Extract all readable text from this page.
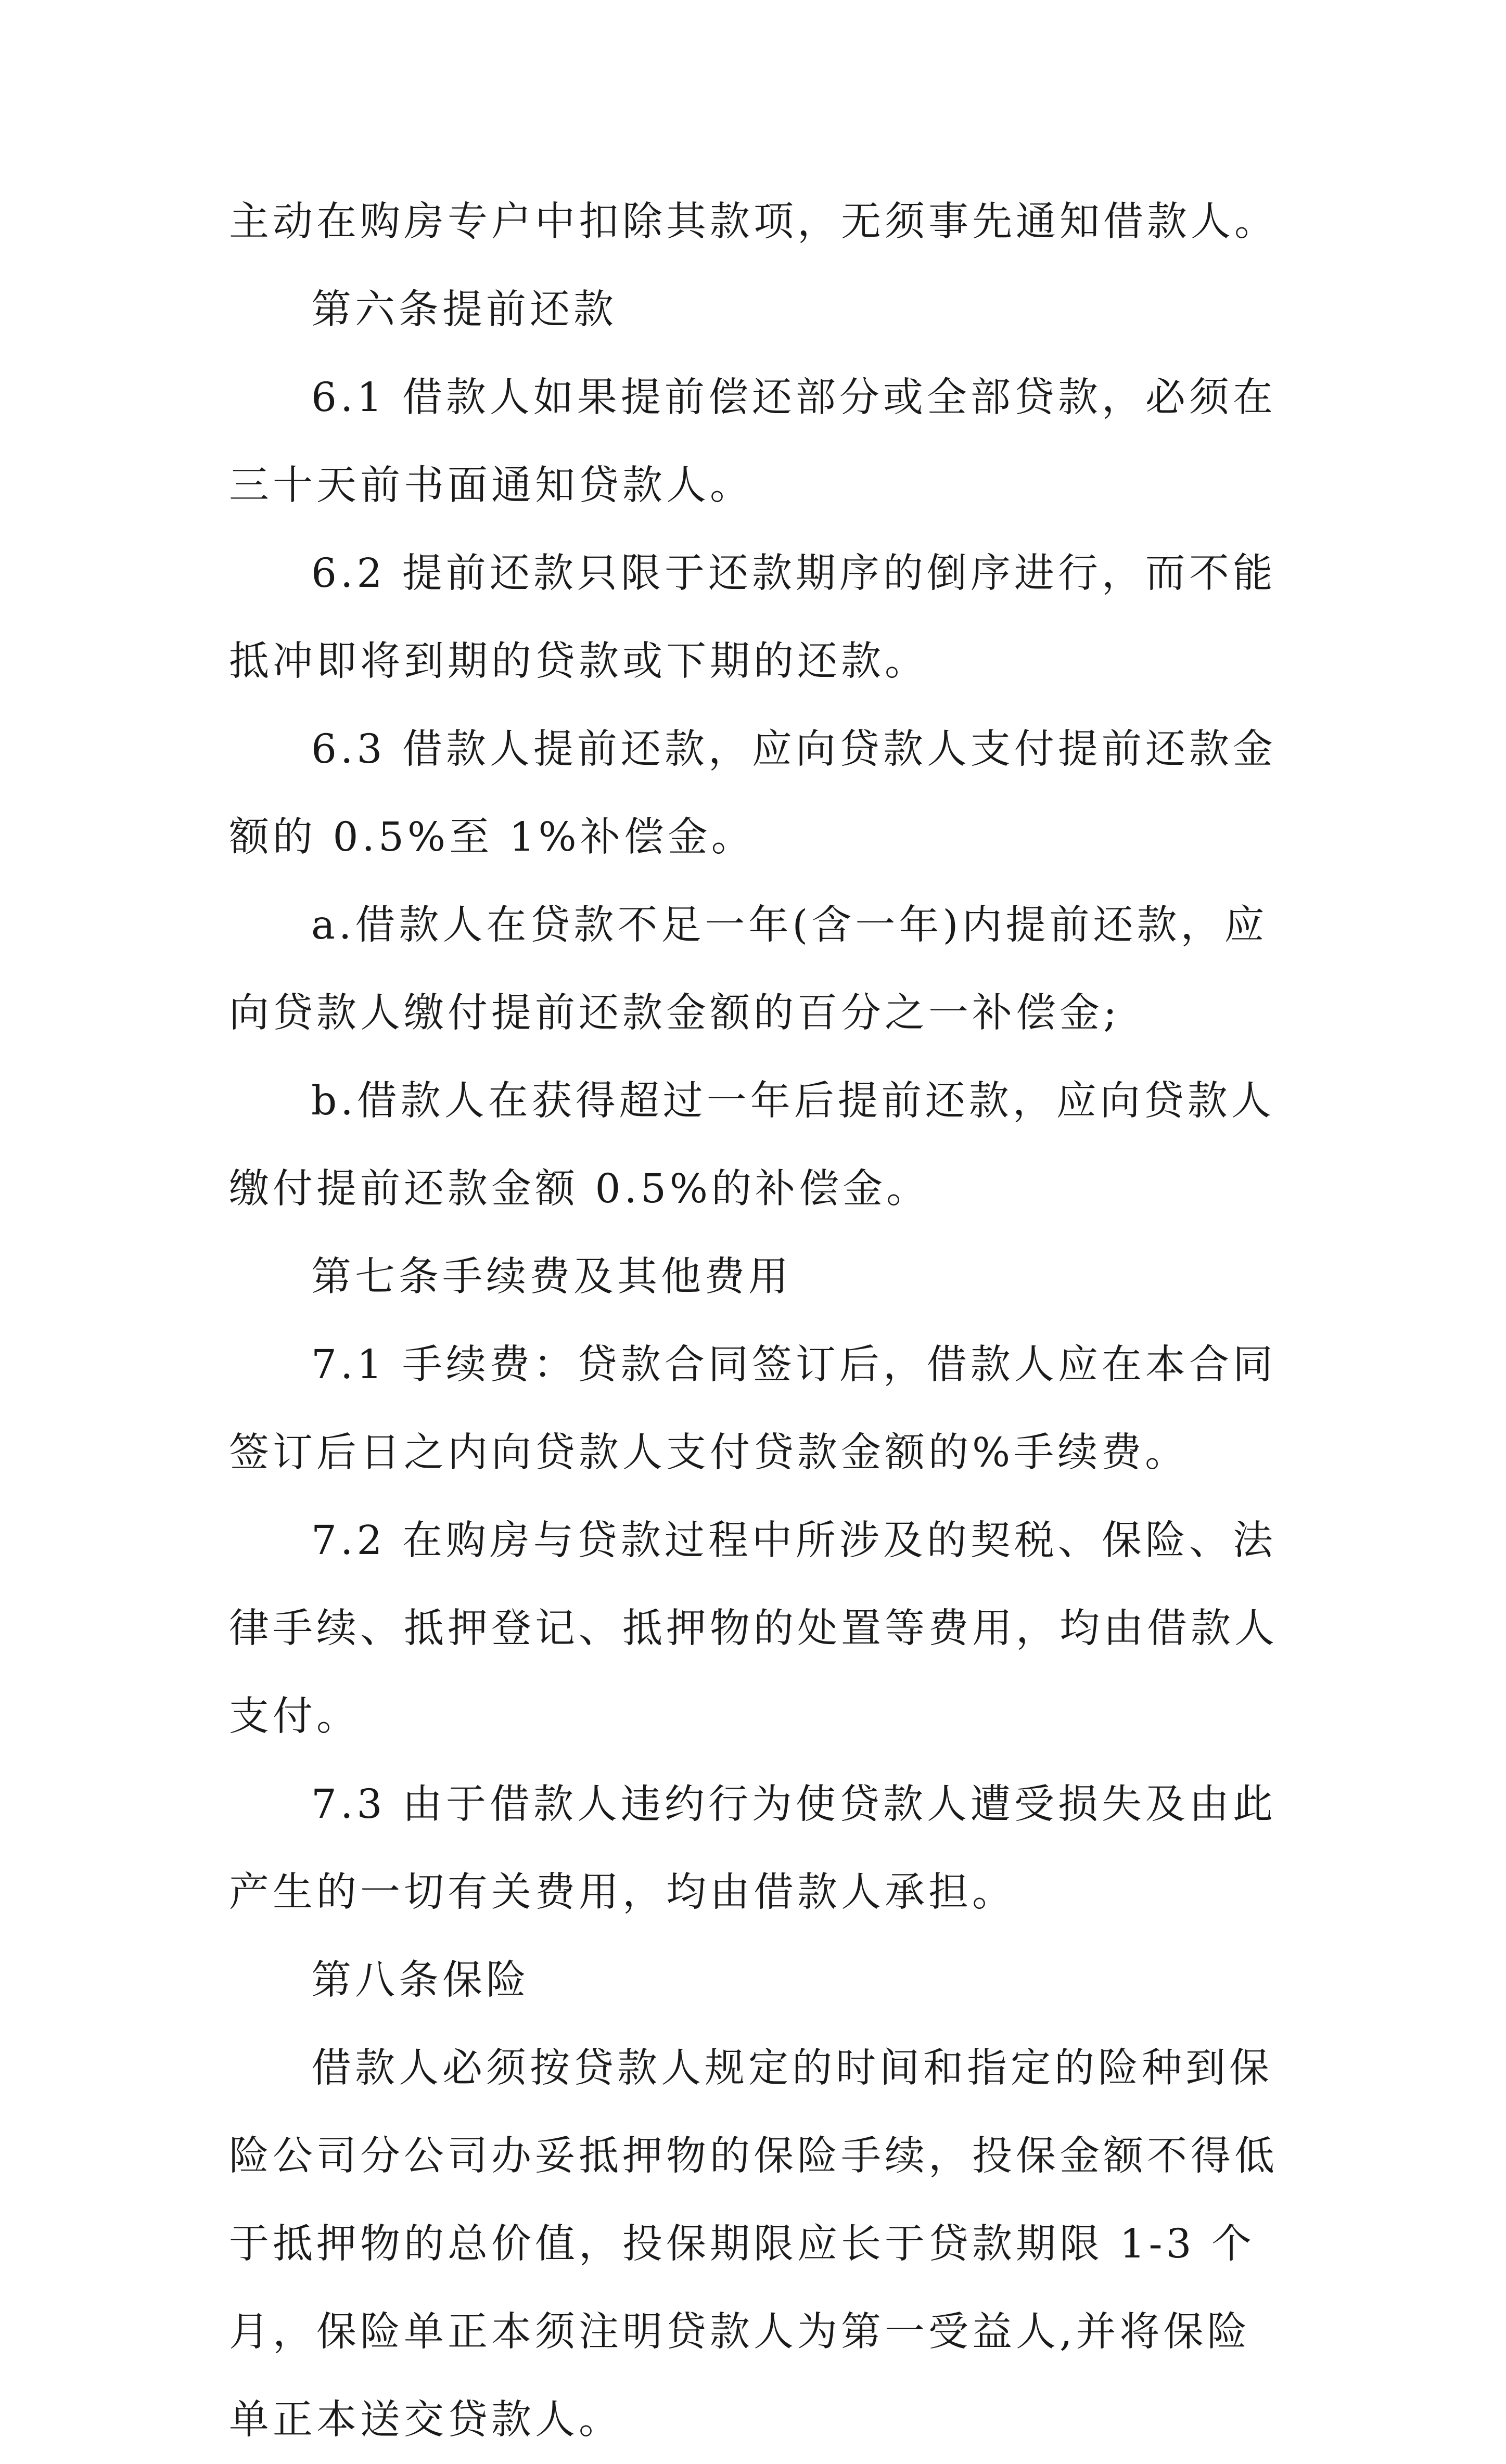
主动在购房专户中扣除其款项，无须事先通知借款人。

第六条提前还款

6.1 借款人如果提前偿还部分或全部贷款，必须在三十天前书面通知贷款人。

6.2 提前还款只限于还款期序的倒序进行，而不能抵冲即将到期的贷款或下期的还款。

6.3 借款人提前还款，应向贷款人支付提前还款金额的 0.5%至 1%补偿金。

a.借款人在贷款不足一年(含一年)内提前还款，应向贷款人缴付提前还款金额的百分之一补偿金;

b.借款人在获得超过一年后提前还款，应向贷款人缴付提前还款金额 0.5%的补偿金。

第七条手续费及其他费用

7.1 手续费：贷款合同签订后，借款人应在本合同签订后日之内向贷款人支付贷款金额的%手续费。

7.2 在购房与贷款过程中所涉及的契税、保险、法律手续、抵押登记、抵押物的处置等费用，均由借款人支付。

7.3 由于借款人违约行为使贷款人遭受损失及由此产生的一切有关费用，均由借款人承担。

第八条保险

借款人必须按贷款人规定的时间和指定的险种到保险公司分公司办妥抵押物的保险手续，投保金额不得低于抵押物的总价值，投保期限应长于贷款期限 1-3 个月，保险单正本须注明贷款人为第一受益人,并将保险单正本送交贷款人。
